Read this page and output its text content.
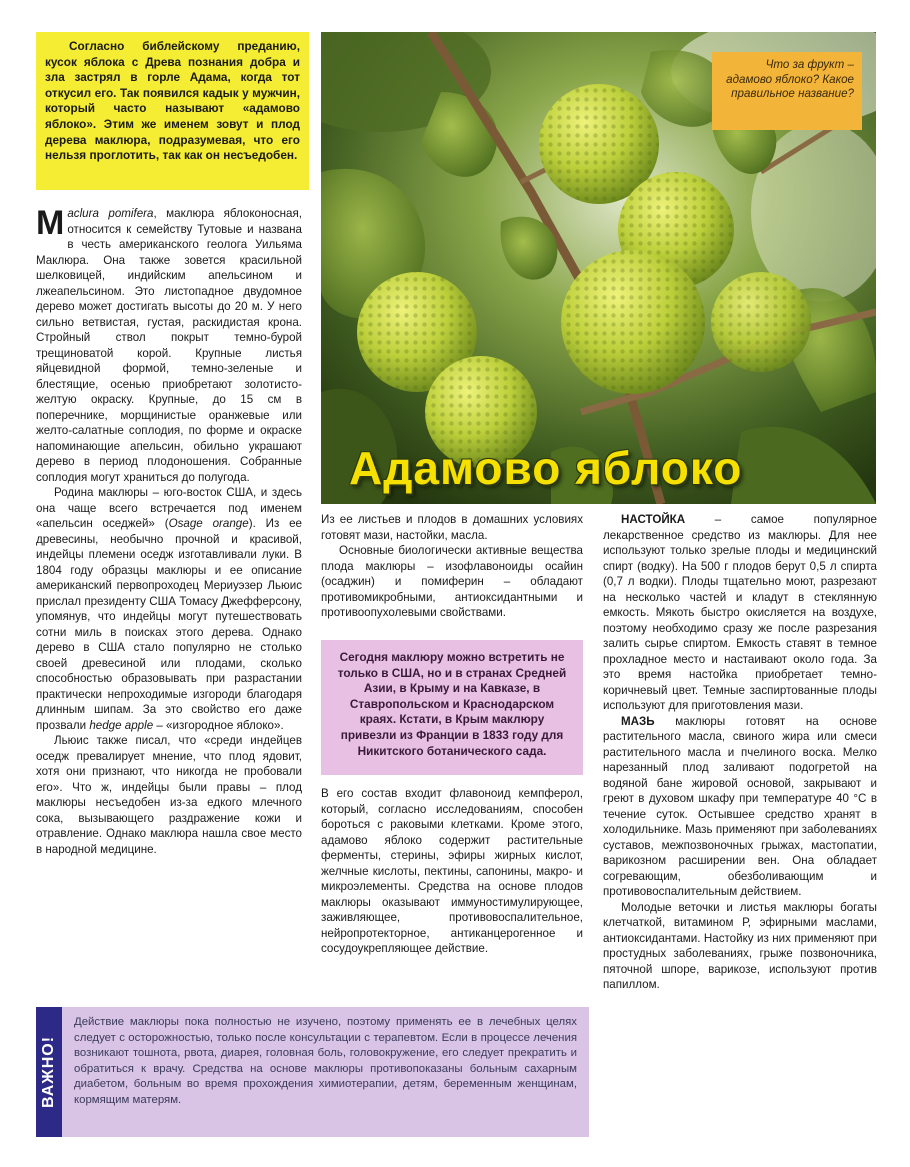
Согласно библейскому преданию, кусок яблока с Древа познания добра и зла застрял в горле Адама, когда тот откусил его. Так появился кадык у мужчин, который часто называют «адамово яблоко». Этим же именем зовут и плод дерева маклюра, подразумевая, что его нельзя проглотить, так как он несъедобен.
Что за фрукт – адамово яблоко? Какое правильное название?
Адамово яблоко

Maclura pomifera, маклюра яблоконосная, относится к семейству Тутовые и названа в честь американского геолога Уильяма Маклюра. Она также зовется красильной шелковицей, индийским апельсином и лжеапельсином. Это листопадное двудомное дерево может достигать высоты до 20 м. У него сильно ветвистая, густая, раскидистая крона. Стройный ствол покрыт темно-бурой трещиноватой корой. Крупные листья яйцевидной формой, темно-зеленые и блестящие, осенью приобретают золотисто-желтую окраску. Крупные, до 15 см в поперечнике, морщинистые оранжевые или желто-салатные соплодия, по форме и окраске напоминающие апельсин, обильно украшают дерево в период плодоношения. Собранные соплодия могут храниться до полугода.

Родина маклюры – юго-восток США, и здесь она чаще всего встречается под именем «апельсин оседжей» (Osage orange). Из ее древесины, необычно прочной и красивой, индейцы племени оседж изготавливали луки. В 1804 году образцы маклюры и ее описание американский первопроходец Мериуэзер Льюис прислал президенту США Томасу Джефферсону, упомянув, что индейцы могут путешествовать сотни миль в поисках этого дерева. Однако дерево в США стало популярно не столько своей древесиной или плодами, сколько способностью образовывать при разрастании практически непроходимые изгороди благодаря длинным шипам. За это свойство его даже прозвали hedge apple – «изгородное яблоко».

Льюис также писал, что «среди индейцев оседж превалирует мнение, что плод ядовит, хотя они признают, что никогда не пробовали его». Что ж, индейцы были правы – плод маклюры несъедобен из-за едкого млечного сока, вызывающего раздражение кожи и отравление. Однако маклюра нашла свое место в народной медицине.

Из ее листьев и плодов в домашних условиях готовят мази, настойки, масла.

Основные биологически активные вещества плода маклюры – изофлавоноиды осайин (осаджин) и помиферин – обладают противомикробными, антиоксидантными и противоопухолевыми свойствами.

Сегодня маклюру можно встретить не только в США, но и в странах Средней Азии, в Крыму и на Кавказе, в Ставропольском и Краснодарском краях. Кстати, в Крым маклюру привезли из Франции в 1833 году для Никитского ботанического сада.

В его состав входит флавоноид кемпферол, который, согласно исследованиям, способен бороться с раковыми клетками. Кроме этого, адамово яблоко содержит растительные ферменты, стерины, эфиры жирных кислот, желчные кислоты, пектины, сапонины, макро- и микроэлементы. Средства на основе плодов маклюры оказывают иммуностимулирующее, заживляющее, противовоспалительное, нейропротекторное, антиканцерогенное и сосудоукрепляющее действие.

НАСТОЙКА – самое популярное лекарственное средство из маклюры. Для нее используют только зрелые плоды и медицинский спирт (водку). На 500 г плодов берут 0,5 л спирта (0,7 л водки). Плоды тщательно моют, разрезают на несколько частей и кладут в стеклянную емкость. Мякоть быстро окисляется на воздухе, поэтому необходимо сразу же после разрезания залить сырье спиртом. Емкость ставят в темное прохладное место и настаивают около года. За это время настойка приобретает темно-коричневый цвет. Темные заспиртованные плоды используют для приготовления мази.

МАЗЬ маклюры готовят на основе растительного масла, свиного жира или смеси растительного масла и пчелиного воска. Мелко нарезанный плод заливают подогретой на водяной бане жировой основой, закрывают и греют в духовом шкафу при температуре 40 °С в течение суток. Остывшее средство хранят в холодильнике. Мазь применяют при заболеваниях суставов, межпозвоночных грыжах, мастопатии, варикозном расширении вен. Она обладает согревающим, обезболивающим и противовоспалительным действием.

Молодые веточки и листья маклюры богаты клетчаткой, витамином Р, эфирными маслами, антиоксидантами. Настойку из них применяют при простудных заболеваниях, грыже позвоночника, пяточной шпоре, варикозе, используют против папиллом.

ВАЖНО!
Действие маклюры пока полностью не изучено, поэтому применять ее в лечебных целях следует с осторожностью, только после консультации с терапевтом. Если в процессе лечения возникают тошнота, рвота, диарея, головная боль, головокружение, его следует прекратить и обратиться к врачу. Средства на основе маклюры противопоказаны больным сахарным диабетом, больным во время прохождения химиотерапии, детям, беременным женщинам, кормящим матерям.
